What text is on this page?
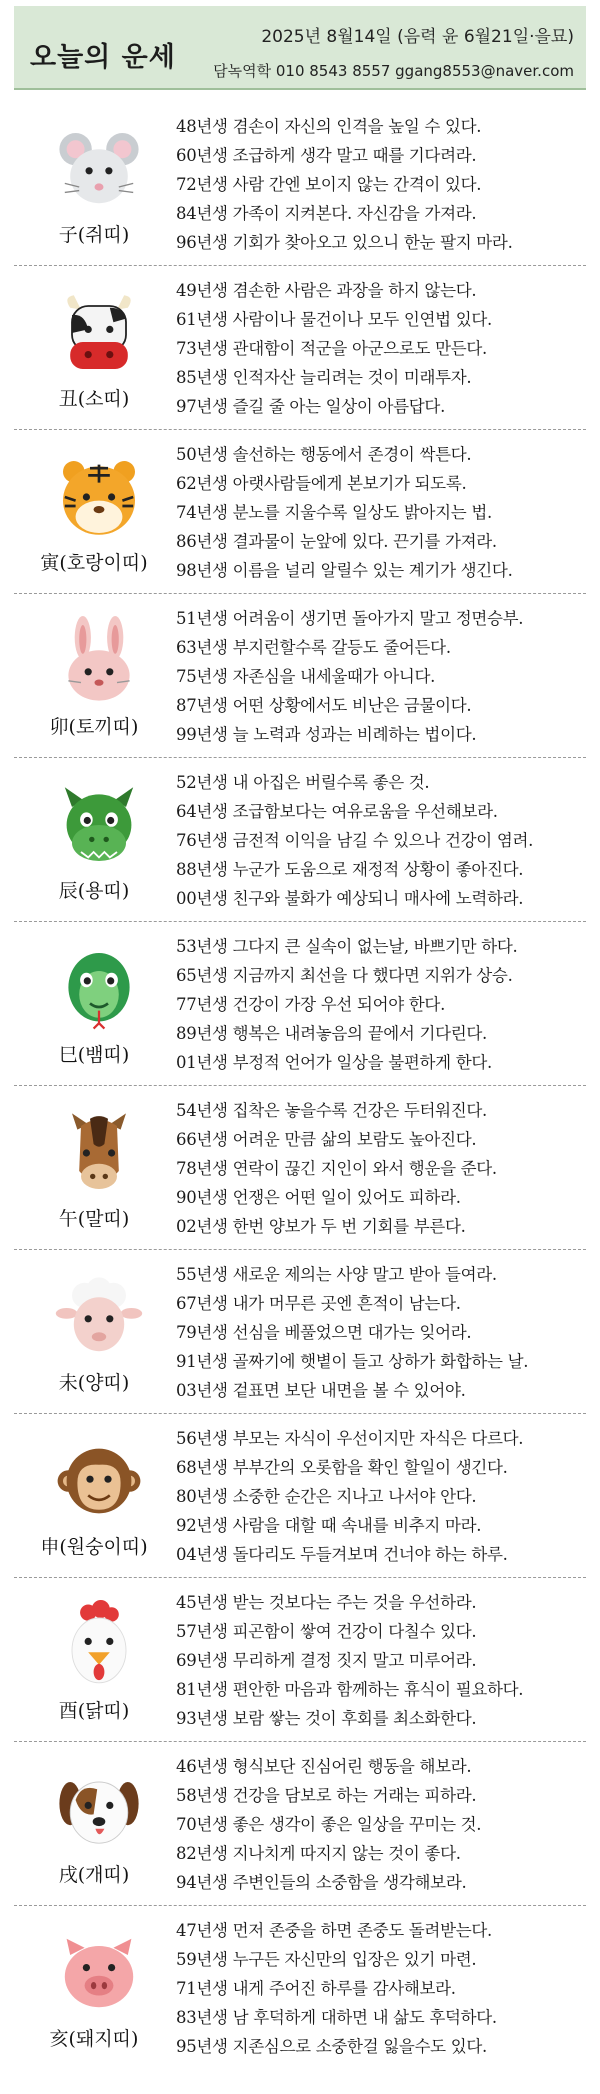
오늘의 운세
2025년 8월14일 (음력 윤 6월21일·을묘)
담녹역학 010 8543 8557 ggang8553@naver.com
子(쥐띠)
48년생 겸손이 자신의 인격을 높일 수 있다.
60년생 조급하게 생각 말고 때를 기다려라.
72년생 사람 간엔 보이지 않는 간격이 있다.
84년생 가족이 지켜본다. 자신감을 가져라.
96년생 기회가 찾아오고 있으니 한눈 팔지 마라.
丑(소띠)
49년생 겸손한 사람은 과장을 하지 않는다.
61년생 사람이나 물건이나 모두 인연법 있다.
73년생 관대함이 적군을 아군으로도 만든다.
85년생 인적자산 늘리려는 것이 미래투자.
97년생 즐길 줄 아는 일상이 아름답다.
寅(호랑이띠)
50년생 솔선하는 행동에서 존경이 싹튼다.
62년생 아랫사람들에게 본보기가 되도록.
74년생 분노를 지울수록 일상도 밝아지는 법.
86년생 결과물이 눈앞에 있다. 끈기를 가져라.
98년생 이름을 널리 알릴수 있는 계기가 생긴다.
卯(토끼띠)
51년생 어려움이 생기면 돌아가지 말고 정면승부.
63년생 부지런할수록 갈등도 줄어든다.
75년생 자존심을 내세울때가 아니다.
87년생 어떤 상황에서도 비난은 금물이다.
99년생 늘 노력과 성과는 비례하는 법이다.
辰(용띠)
52년생 내 아집은 버릴수록 좋은 것.
64년생 조급함보다는 여유로움을 우선해보라.
76년생 금전적 이익을 남길 수 있으나 건강이 염려.
88년생 누군가 도움으로 재정적 상황이 좋아진다.
00년생 친구와 불화가 예상되니 매사에 노력하라.
巳(뱀띠)
53년생 그다지 큰 실속이 없는날, 바쁘기만 하다.
65년생 지금까지 최선을 다 했다면 지위가 상승.
77년생 건강이 가장 우선 되어야 한다.
89년생 행복은 내려놓음의 끝에서 기다린다.
01년생 부정적 언어가 일상을 불편하게 한다.
午(말띠)
54년생 집착은 놓을수록 건강은 두터워진다.
66년생 어려운 만큼 삶의 보람도 높아진다.
78년생 연락이 끊긴 지인이 와서 행운을 준다.
90년생 언쟁은 어떤 일이 있어도 피하라.
02년생 한번 양보가 두 번 기회를 부른다.
未(양띠)
55년생 새로운 제의는 사양 말고 받아 들여라.
67년생 내가 머무른 곳엔 흔적이 남는다.
79년생 선심을 베풀었으면 대가는 잊어라.
91년생 골짜기에 햇볕이 들고 상하가 화합하는 날.
03년생 겉표면 보단 내면을 볼 수 있어야.
申(원숭이띠)
56년생 부모는 자식이 우선이지만 자식은 다르다.
68년생 부부간의 오롯함을 확인 할일이 생긴다.
80년생 소중한 순간은 지나고 나서야 안다.
92년생 사람을 대할 때 속내를 비추지 마라.
04년생 돌다리도 두들겨보며 건너야 하는 하루.
酉(닭띠)
45년생 받는 것보다는 주는 것을 우선하라.
57년생 피곤함이 쌓여 건강이 다칠수 있다.
69년생 무리하게 결정 짓지 말고 미루어라.
81년생 편안한 마음과 함께하는 휴식이 필요하다.
93년생 보람 쌓는 것이 후회를 최소화한다.
戌(개띠)
46년생 형식보단 진심어린 행동을 해보라.
58년생 건강을 담보로 하는 거래는 피하라.
70년생 좋은 생각이 좋은 일상을 꾸미는 것.
82년생 지나치게 따지지 않는 것이 좋다.
94년생 주변인들의 소중함을 생각해보라.
亥(돼지띠)
47년생 먼저 존중을 하면 존중도 돌려받는다.
59년생 누구든 자신만의 입장은 있기 마련.
71년생 내게 주어진 하루를 감사해보라.
83년생 남 후덕하게 대하면 내 삶도 후덕하다.
95년생 지존심으로 소중한걸 잃을수도 있다.
